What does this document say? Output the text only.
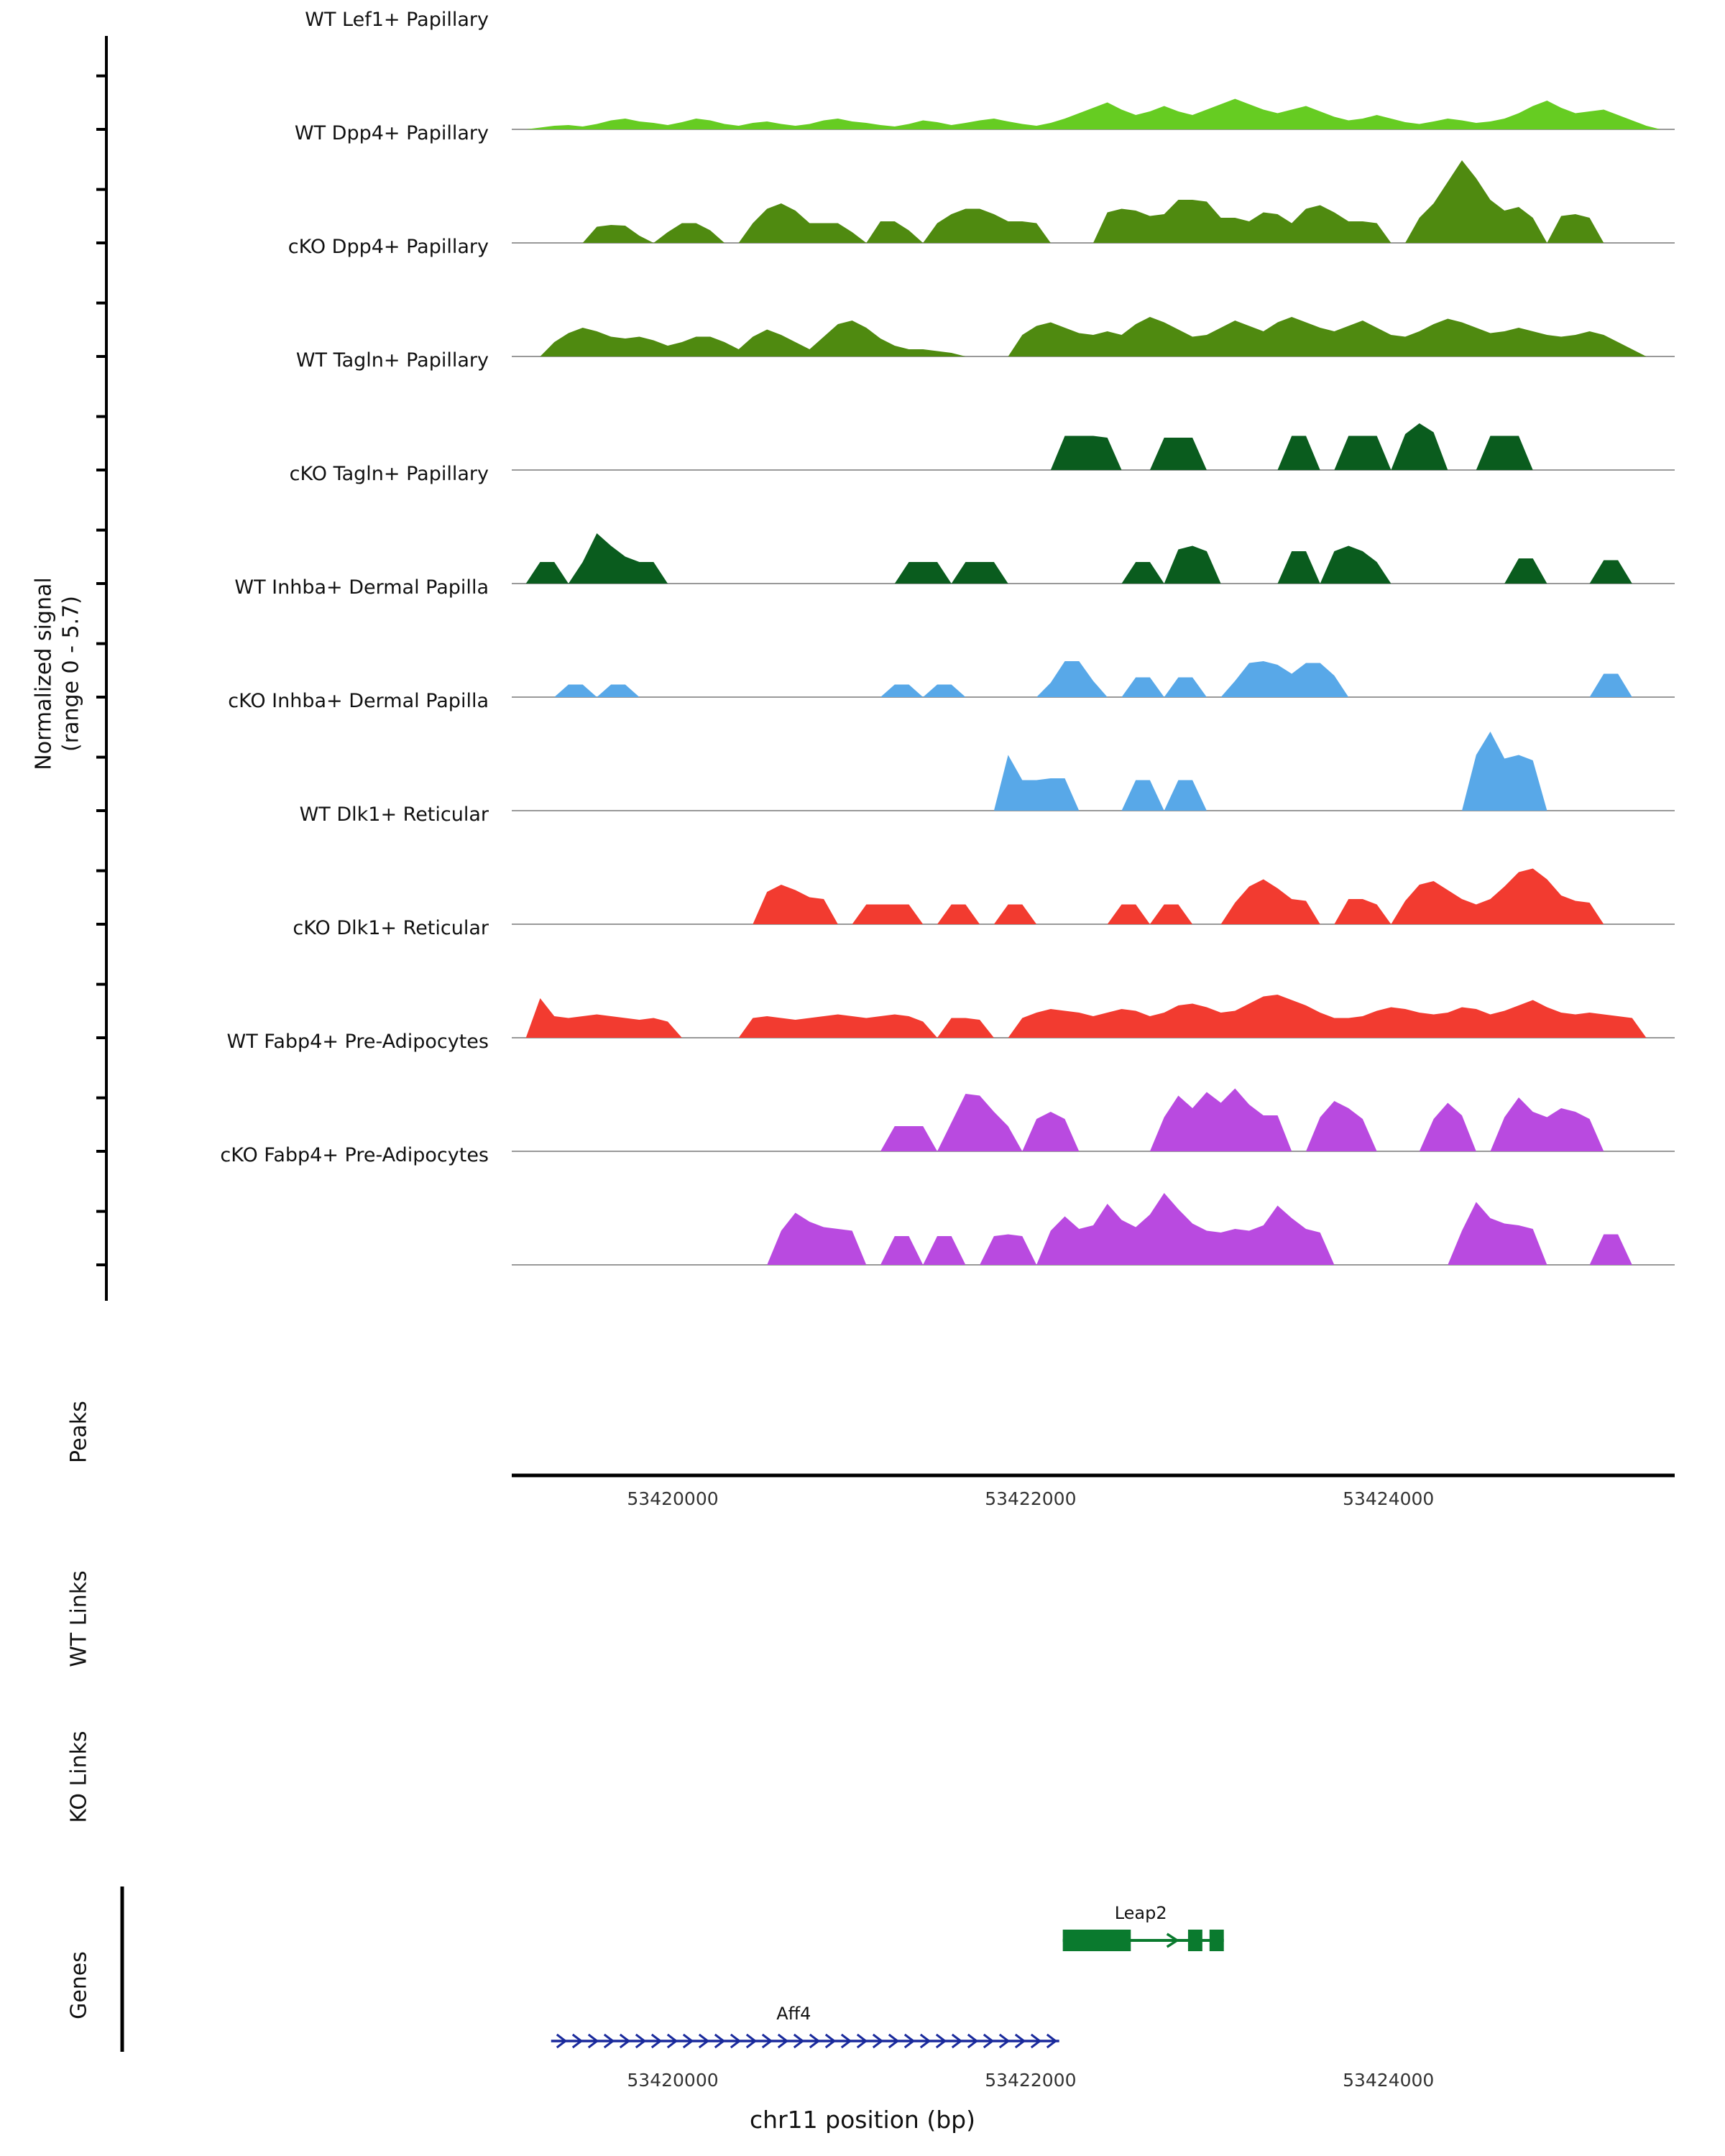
Normalized signal (range 0 - 5.7)
WT Lef1+ Papillary
WT Dpp4+ Papillary
cKO Dpp4+ Papillary
WT Tagln+ Papillary
cKO Tagln+ Papillary
WT Inhba+ Dermal Papilla
cKO Inhba+ Dermal Papilla
WT Dlk1+ Reticular
cKO Dlk1+ Reticular
WT Fabp4+ Pre-Adipocytes
cKO Fabp4+ Pre-Adipocytes
Peaks
WT Links
KO Links
Genes
53420000	53422000	53424000
53420000	53422000	53424000
Leap2
Aff4
chr11 position (bp)
